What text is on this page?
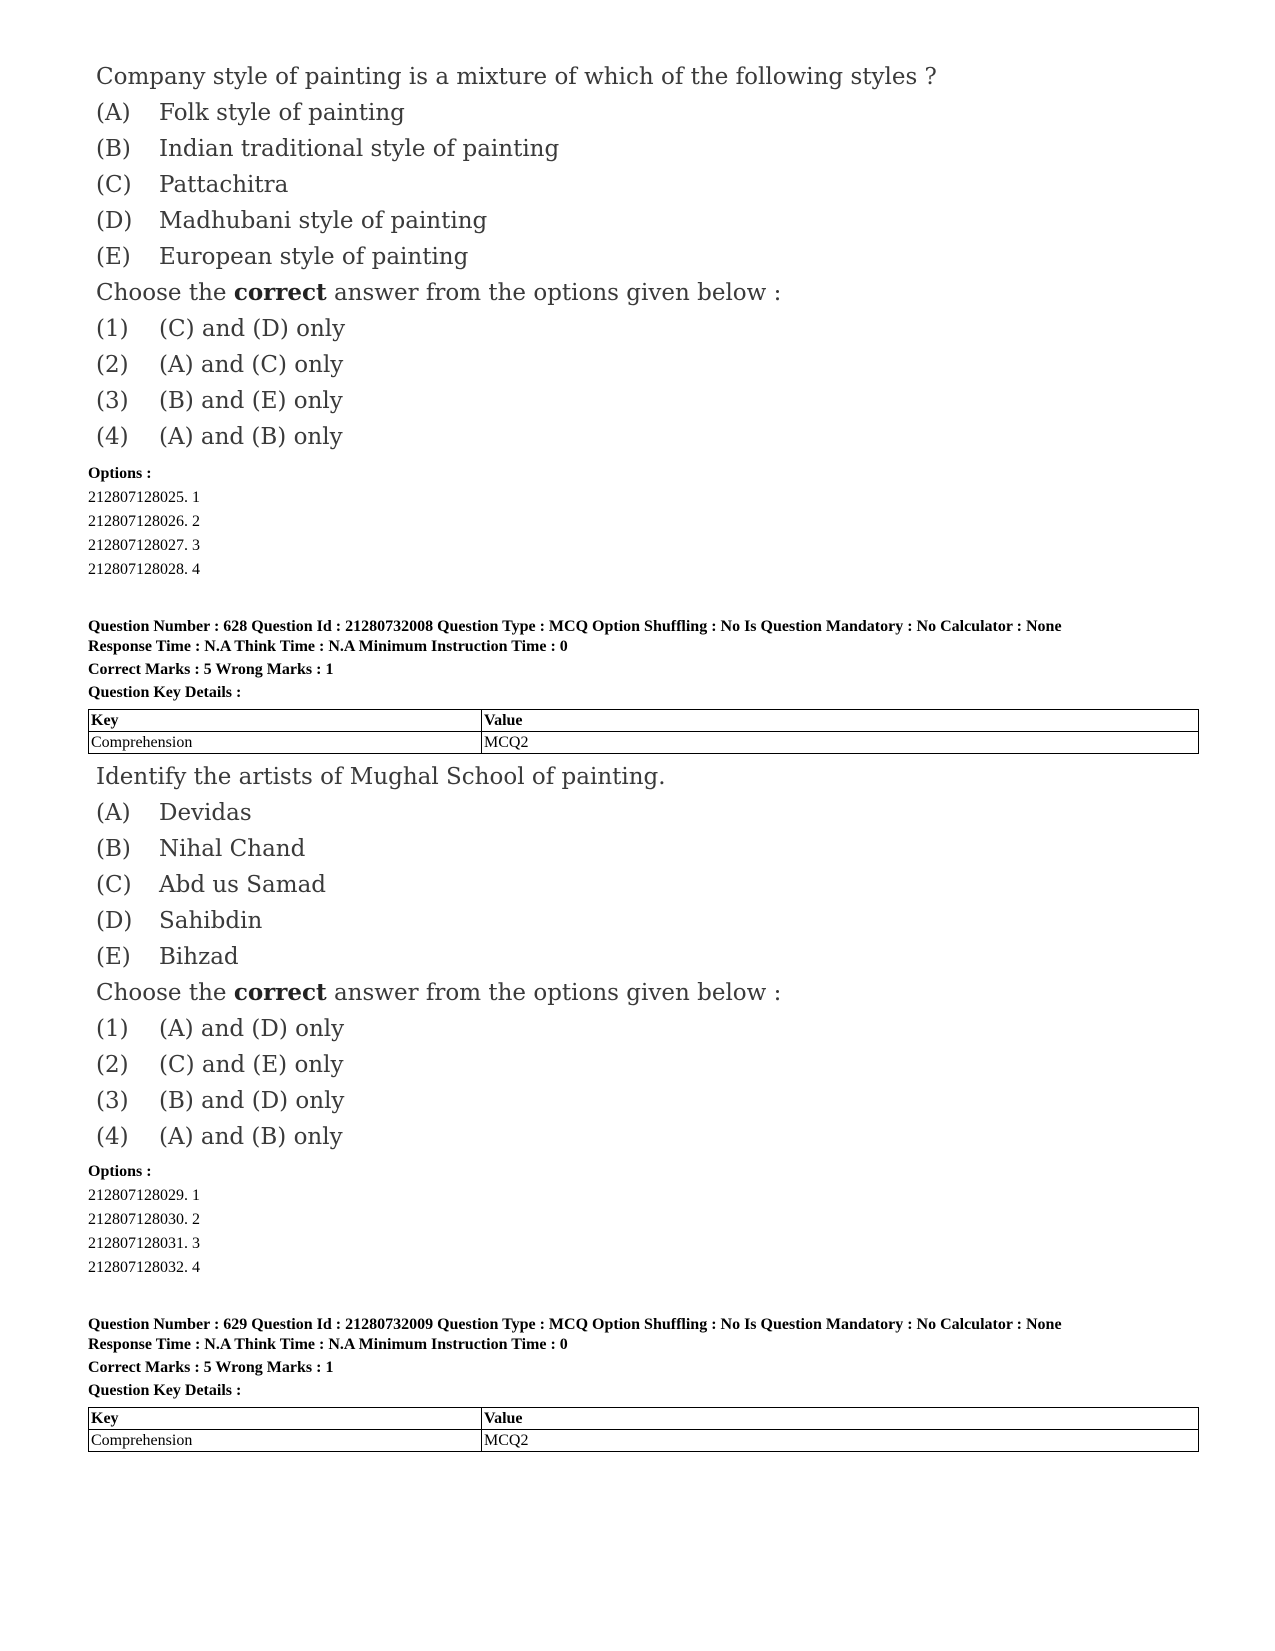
Company style of painting is a mixture of which of the following styles ?
(A)	Folk style of painting
(B)	Indian traditional style of painting
(C)	Pattachitra
(D)	Madhubani style of painting
(E)	European style of painting
Choose the correct answer from the options given below :
(1)	(C) and (D) only
(2)	(A) and (C) only
(3)	(B) and (E) only
(4)	(A) and (B) only
Options :
212807128025. 1
212807128026. 2
212807128027. 3
212807128028. 4
Question Number : 628 Question Id : 21280732008 Question Type : MCQ Option Shuffling : No Is Question Mandatory : No Calculator : None
Response Time : N.A Think Time : N.A Minimum Instruction Time : 0
Correct Marks : 5 Wrong Marks : 1
Question Key Details :
Key	Value
Comprehension	MCQ2
Identify the artists of Mughal School of painting.
(A)	Devidas
(B)	Nihal Chand
(C)	Abd us Samad
(D)	Sahibdin
(E)	Bihzad
Choose the correct answer from the options given below :
(1)	(A) and (D) only
(2)	(C) and (E) only
(3)	(B) and (D) only
(4)	(A) and (B) only
Options :
212807128029. 1
212807128030. 2
212807128031. 3
212807128032. 4
Question Number : 629 Question Id : 21280732009 Question Type : MCQ Option Shuffling : No Is Question Mandatory : No Calculator : None
Response Time : N.A Think Time : N.A Minimum Instruction Time : 0
Correct Marks : 5 Wrong Marks : 1
Question Key Details :
Key	Value
Comprehension	MCQ2
